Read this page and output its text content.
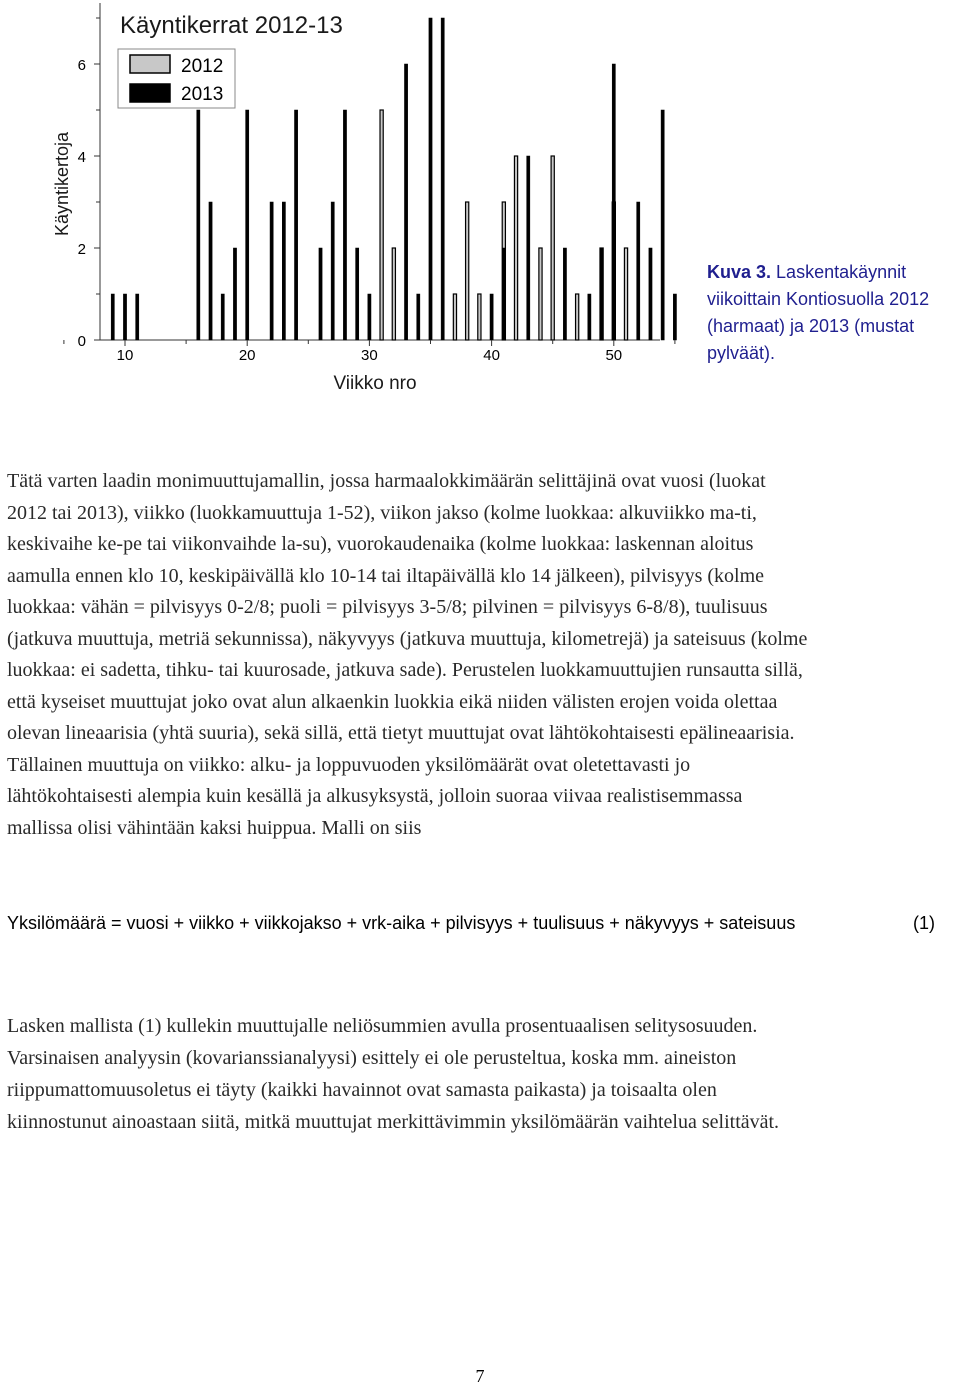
0
2
4
6
10	20	30	40	50
Käyntikerrat 2012-13
2012
2013
Käyntikertoja
Viikko nro
Kuva 3. Laskentakäynnit viikoittain Kontiosuolla 2012 (harmaat) ja 2013 (mustat pylväät).
Tätä varten laadin monimuuttujamallin, jossa harmaalokkimäärän selittäjinä ovat vuosi (luokat
2012 tai 2013), viikko (luokkamuuttuja 1-52), viikon jakso (kolme luokkaa: alkuviikko ma-ti,
keskivaihe ke-pe tai viikonvaihde la-su), vuorokaudenaika (kolme luokkaa: laskennan aloitus
aamulla ennen klo 10, keskipäivällä klo 10-14 tai iltapäivällä klo 14 jälkeen), pilvisyys (kolme
luokkaa: vähän = pilvisyys 0-2/8; puoli = pilvisyys 3-5/8; pilvinen = pilvisyys 6-8/8), tuulisuus
(jatkuva muuttuja, metriä sekunnissa), näkyvyys (jatkuva muuttuja, kilometrejä) ja sateisuus (kolme
luokkaa: ei sadetta, tihku- tai kuurosade, jatkuva sade). Perustelen luokkamuuttujien runsautta sillä,
että kyseiset muuttujat joko ovat alun alkaenkin luokkia eikä niiden välisten erojen voida olettaa
olevan lineaarisia (yhtä suuria), sekä sillä, että tietyt muuttujat ovat lähtökohtaisesti epälineaarisia.
Tällainen muuttuja on viikko: alku- ja loppuvuoden yksilömäärät ovat oletettavasti jo
lähtökohtaisesti alempia kuin kesällä ja alkusyksystä, jolloin suoraa viivaa realistisemmassa
mallissa olisi vähintään kaksi huippua. Malli on siis
Yksilömäärä = vuosi + viikko + viikkojakso + vrk-aika + pilvisyys + tuulisuus + näkyvyys + sateisuus	(1)
Lasken mallista (1) kullekin muuttujalle neliösummien avulla prosentuaalisen selitysosuuden.
Varsinaisen analyysin (kovarianssianalyysi) esittely ei ole perusteltua, koska mm. aineiston
riippumattomuusoletus ei täyty (kaikki havainnot ovat samasta paikasta) ja toisaalta olen
kiinnostunut ainoastaan siitä, mitkä muuttujat merkittävimmin yksilömäärän vaihtelua selittävät.
7
